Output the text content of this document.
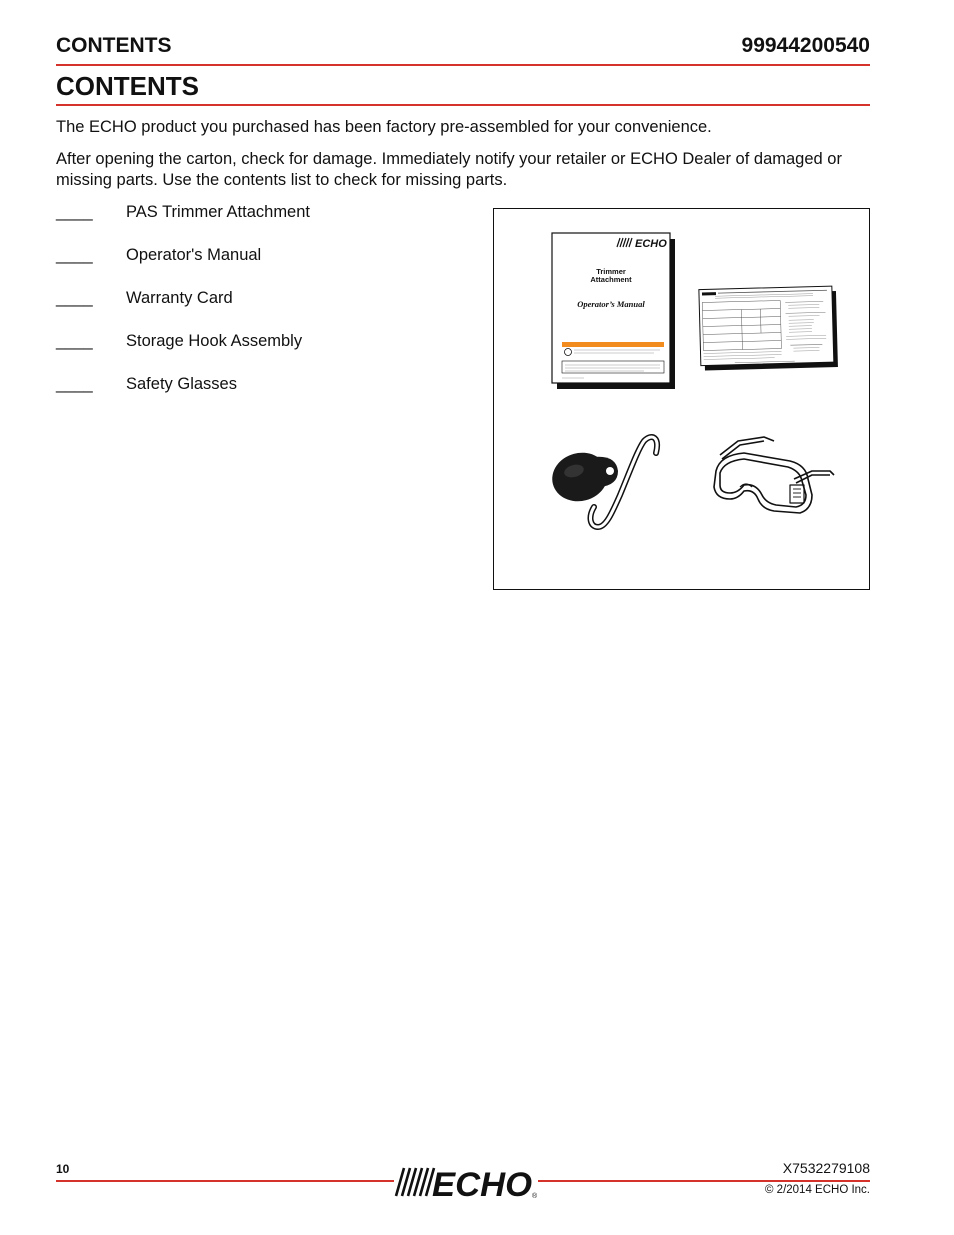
CONTENTS	99944200540
CONTENTS

The ECHO product you purchased has been factory pre-assembled for your convenience.

After opening the carton, check for damage. Immediately notify your retailer or ECHO Dealer of damaged or missing parts. Use the contents list to check for missing parts.

____ PAS Trimmer Attachment
____ Operator's Manual
____ Warranty Card
____ Storage Hook Assembly
____ Safety Glasses
ECHO
Trimmer
Attachment
Operator’s Manual
10	X7532279108
© 2/2014 ECHO Inc.
ECHO ®
